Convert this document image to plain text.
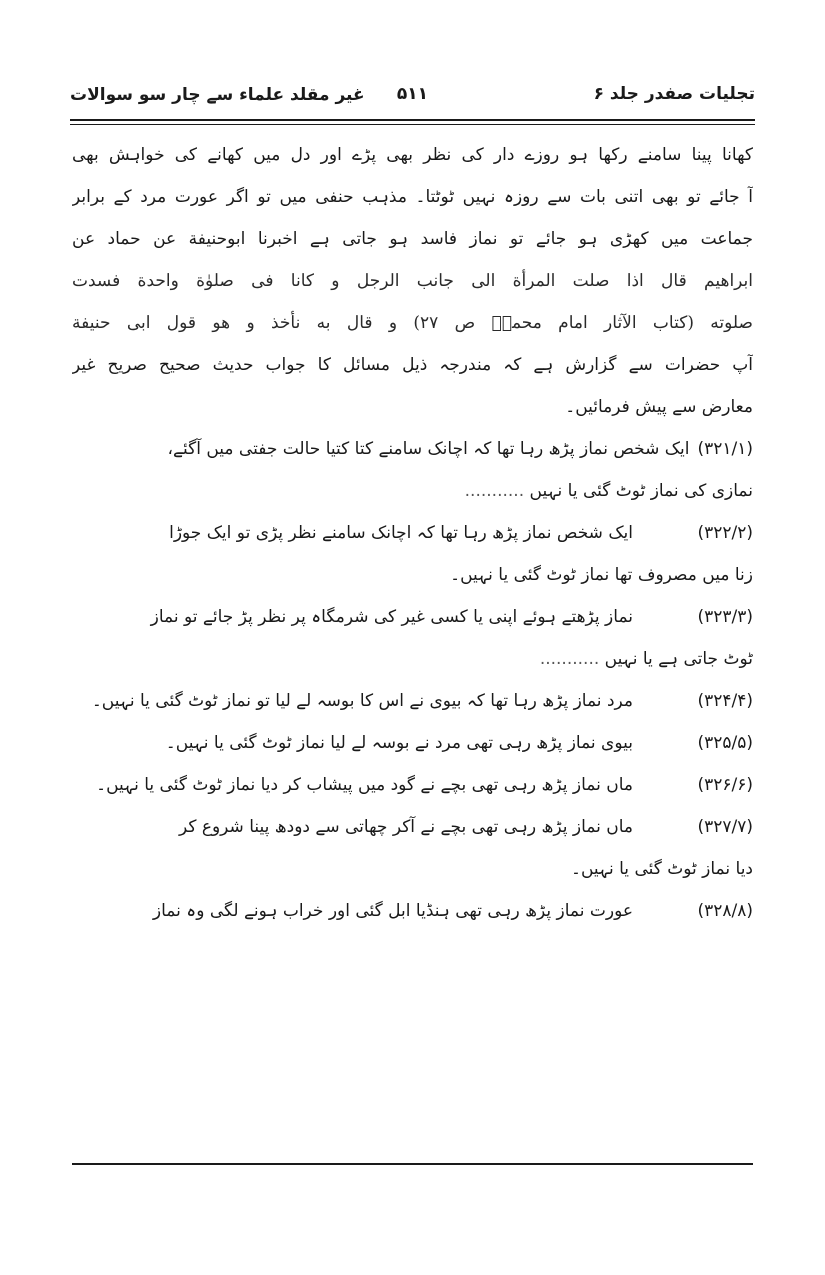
تجلیات صفدر جلد ۶
۵۱۱
غیر مقلد علماء سے چار سو سوالات
کھانا پینا سامنے رکھا ہو روزے دار کی نظر بھی پڑے اور دل میں کھانے کی خواہش بھی
آ جائے تو بھی اتنی بات سے روزہ نہیں ٹوٹتا۔ مذہب حنفی میں تو اگر عورت مرد کے برابر
جماعت میں کھڑی ہو جائے تو نماز فاسد ہو جاتی ہے اخبرنا ابوحنیفة عن حماد عن
ابراهیم قال اذا صلت المرأة الی جانب الرجل و کانا فی صلوٰة واحدة فسدت
صلوته (کتاب الآثار امام محمدؒ ص ۲۷) و قال به نأخذ و هو قول ابی حنیفة
آپ حضرات سے گزارش ہے کہ مندرجہ ذیل مسائل کا جواب حدیث صحیح صریح غیر
معارض سے پیش فرمائیں۔
(۳۲۱/۱)
ایک شخص نماز پڑھ رہا تھا کہ اچانک سامنے کتا کتیا حالت جفتی میں آگئے،
نمازی کی نماز ٹوٹ گئی یا نہیں ...........
(۳۲۲/۲)
ایک شخص نماز پڑھ رہا تھا کہ اچانک سامنے نظر پڑی تو ایک جوڑا
زنا میں مصروف تھا نماز ٹوٹ گئی یا نہیں۔
(۳۲۳/۳)
نماز پڑھتے ہوئے اپنی یا کسی غیر کی شرمگاہ پر نظر پڑ جائے تو نماز
ٹوٹ جاتی ہے یا نہیں ...........
(۳۲۴/۴)
مرد نماز پڑھ رہا تھا کہ بیوی نے اس کا بوسہ لے لیا تو نماز ٹوٹ گئی یا نہیں۔
(۳۲۵/۵)
بیوی نماز پڑھ رہی تھی مرد نے بوسہ لے لیا نماز ٹوٹ گئی یا نہیں۔
(۳۲۶/۶)
ماں نماز پڑھ رہی تھی بچے نے گود میں پیشاب کر دیا نماز ٹوٹ گئی یا نہیں۔
(۳۲۷/۷)
ماں نماز پڑھ رہی تھی بچے نے آکر چھاتی سے دودھ پینا شروع کر
دیا نماز ٹوٹ گئی یا نہیں۔
(۳۲۸/۸)
عورت نماز پڑھ رہی تھی ہنڈیا ابل گئی اور خراب ہونے لگی وہ نماز
